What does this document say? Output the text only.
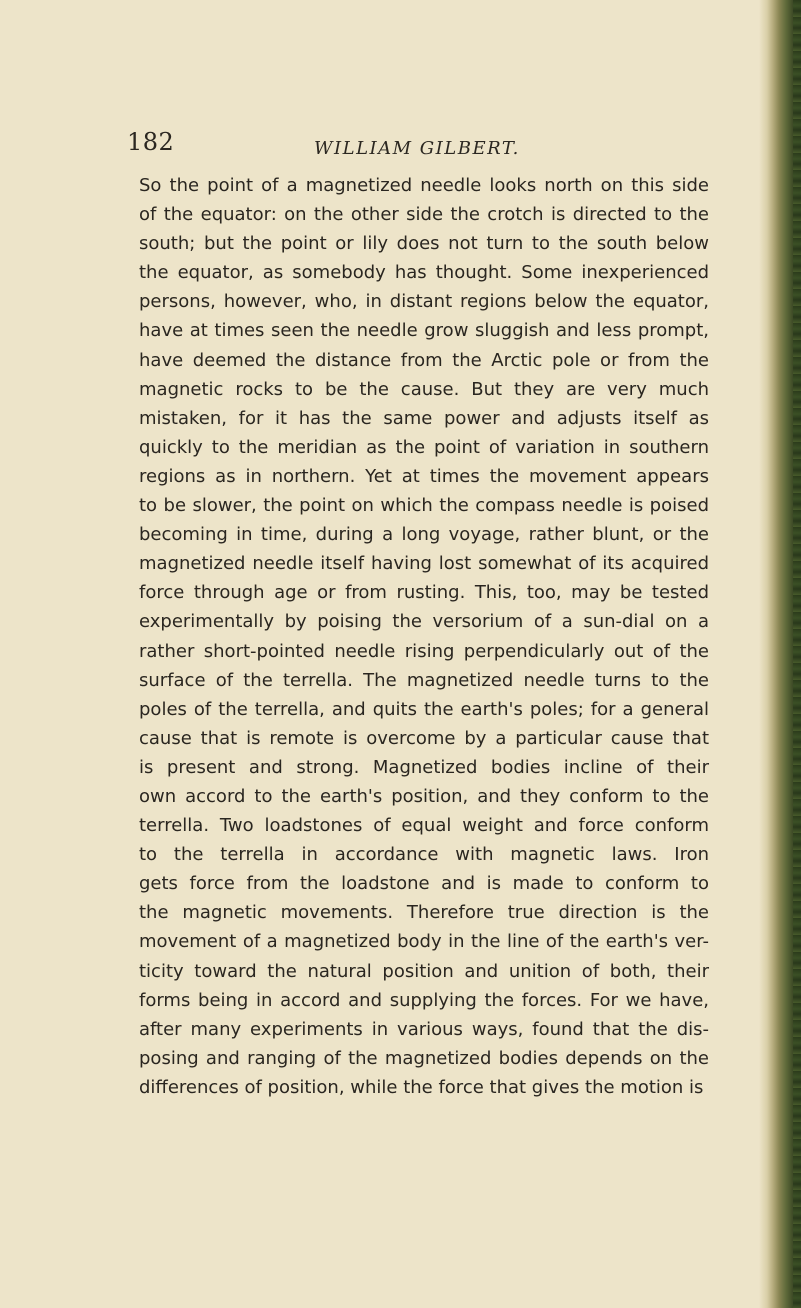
182	WILLIAM GILBERT.
So the point of a magnetized needle looks north on this side
of the equator: on the other side the crotch is directed to the
south; but the point or lily does not turn to the south below
the equator, as somebody has thought. Some inexperienced
persons, however, who, in distant regions below the equator,
have at times seen the needle grow sluggish and less prompt,
have deemed the distance from the Arctic pole or from the
magnetic rocks to be the cause. But they are very much
mistaken, for it has the same power and adjusts itself as
quickly to the meridian as the point of variation in southern
regions as in northern. Yet at times the movement appears
to be slower, the point on which the compass needle is poised
becoming in time, during a long voyage, rather blunt, or the
magnetized needle itself having lost somewhat of its acquired
force through age or from rusting. This, too, may be tested
experimentally by poising the versorium of a sun-dial on a
rather short-pointed needle rising perpendicularly out of the
surface of the terrella. The magnetized needle turns to the
poles of the terrella, and quits the earth's poles; for a general
cause that is remote is overcome by a particular cause that
is present and strong. Magnetized bodies incline of their
own accord to the earth's position, and they conform to the
terrella. Two loadstones of equal weight and force conform
to the terrella in accordance with magnetic laws. Iron
gets force from the loadstone and is made to conform to
the magnetic movements. Therefore true direction is the
movement of a magnetized body in the line of the earth's ver-
ticity toward the natural position and unition of both, their
forms being in accord and supplying the forces. For we have,
after many experiments in various ways, found that the dis-
posing and ranging of the magnetized bodies depends on the
differences of position, while the force that gives the motion is
